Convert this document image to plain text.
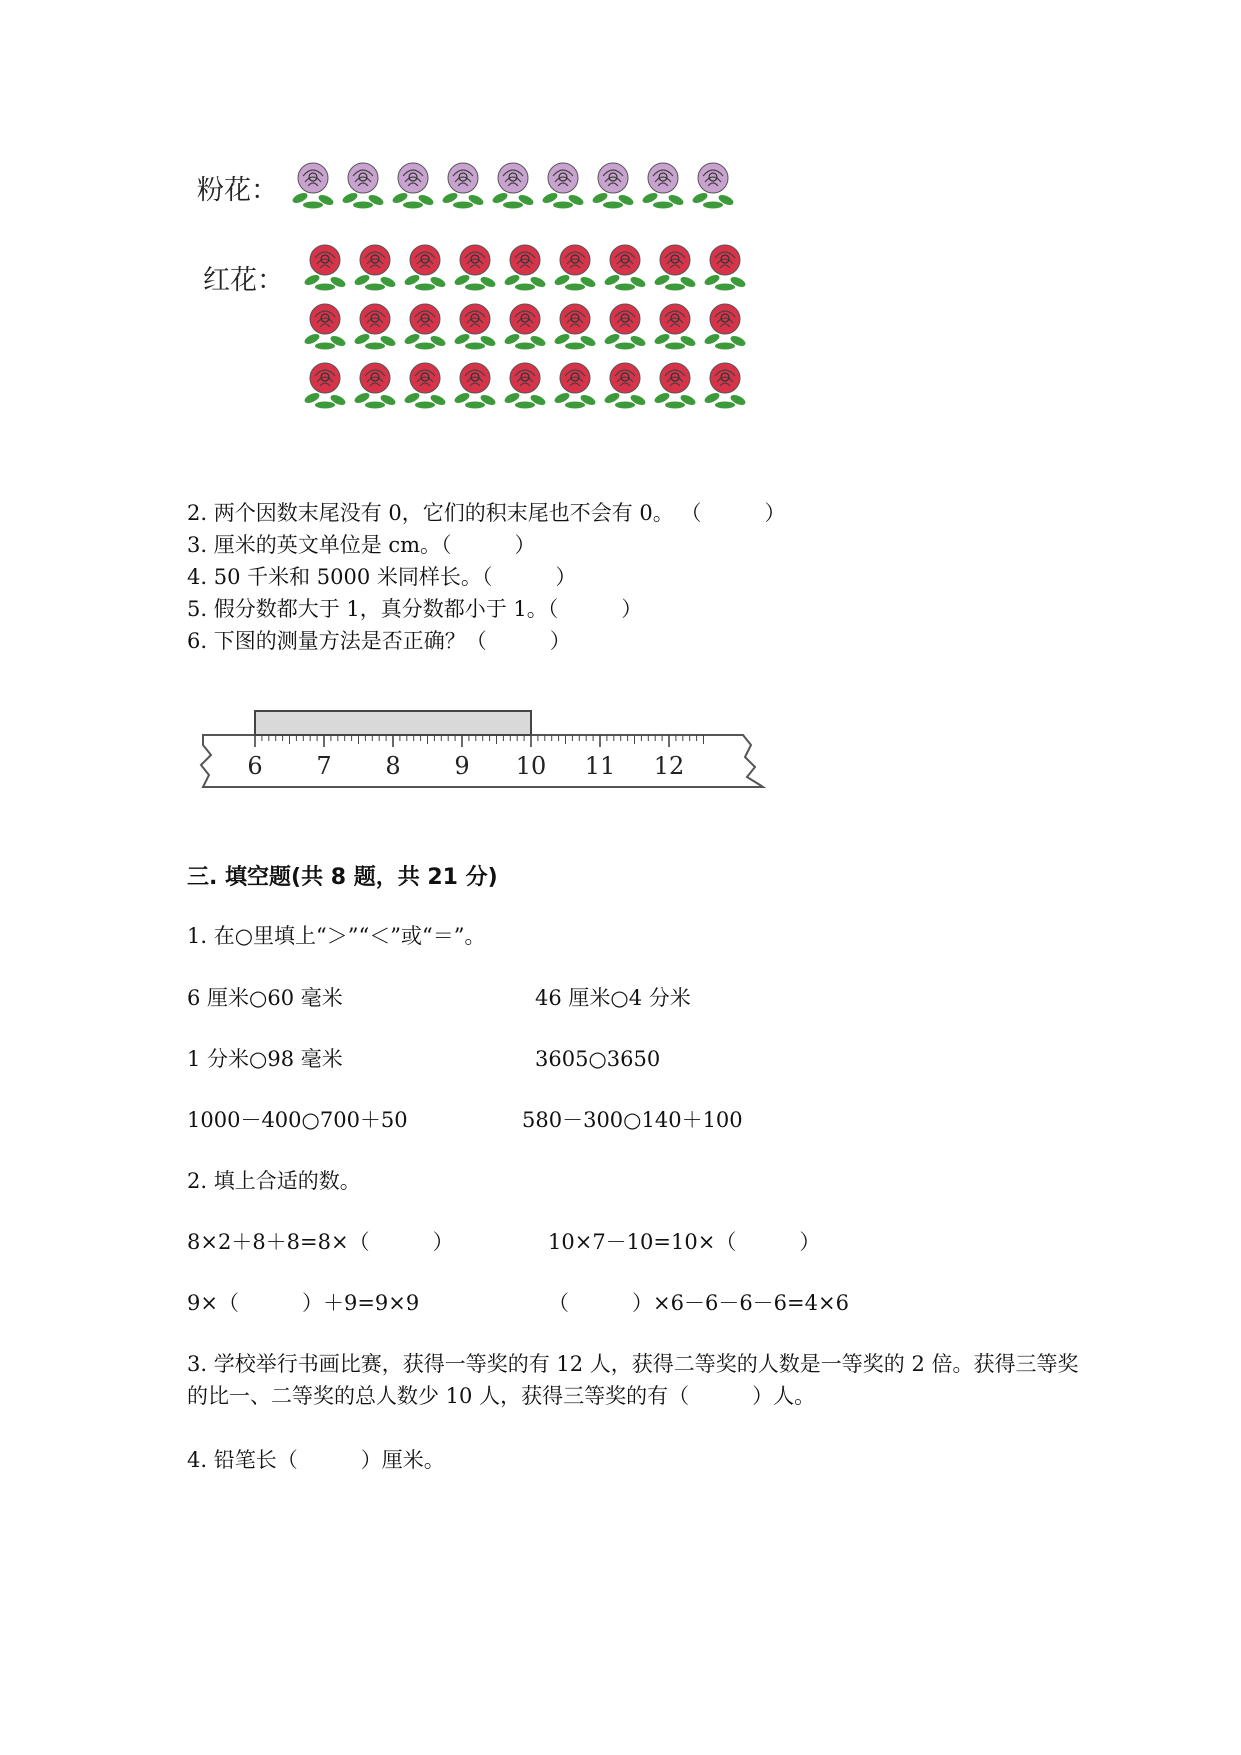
粉花：
红花：
2. 两个因数末尾没有 0，它们的积末尾也不会有 0。 （　　　）
3. 厘米的英文单位是 cm。（　　　）
4. 50 千米和 5000 米同样长。（　　　）
5. 假分数都大于 1，真分数都小于 1。（　　　）
6. 下图的测量方法是否正确？（　　　）
6 7 8 9 10 11 12
三. 填空题(共 8 题，共 21 分)
1. 在○里填上“＞”“＜”或“＝”。
6 厘米○60 毫米	46 厘米○4 分米
1 分米○98 毫米	3605○3650
1000－400○700＋50	580－300○140＋100
2. 填上合适的数。
8×2＋8＋8=8×（　　　）	10×7－10=10×（　　　）
9×（　　　）＋9=9×9	（　　　）×6－6－6－6=4×6
3. 学校举行书画比赛，获得一等奖的有 12 人，获得二等奖的人数是一等奖的 2 倍。获得三等奖的比一、二等奖的总人数少 10 人，获得三等奖的有（　　　）人。
4. 铅笔长（　　　）厘米。
